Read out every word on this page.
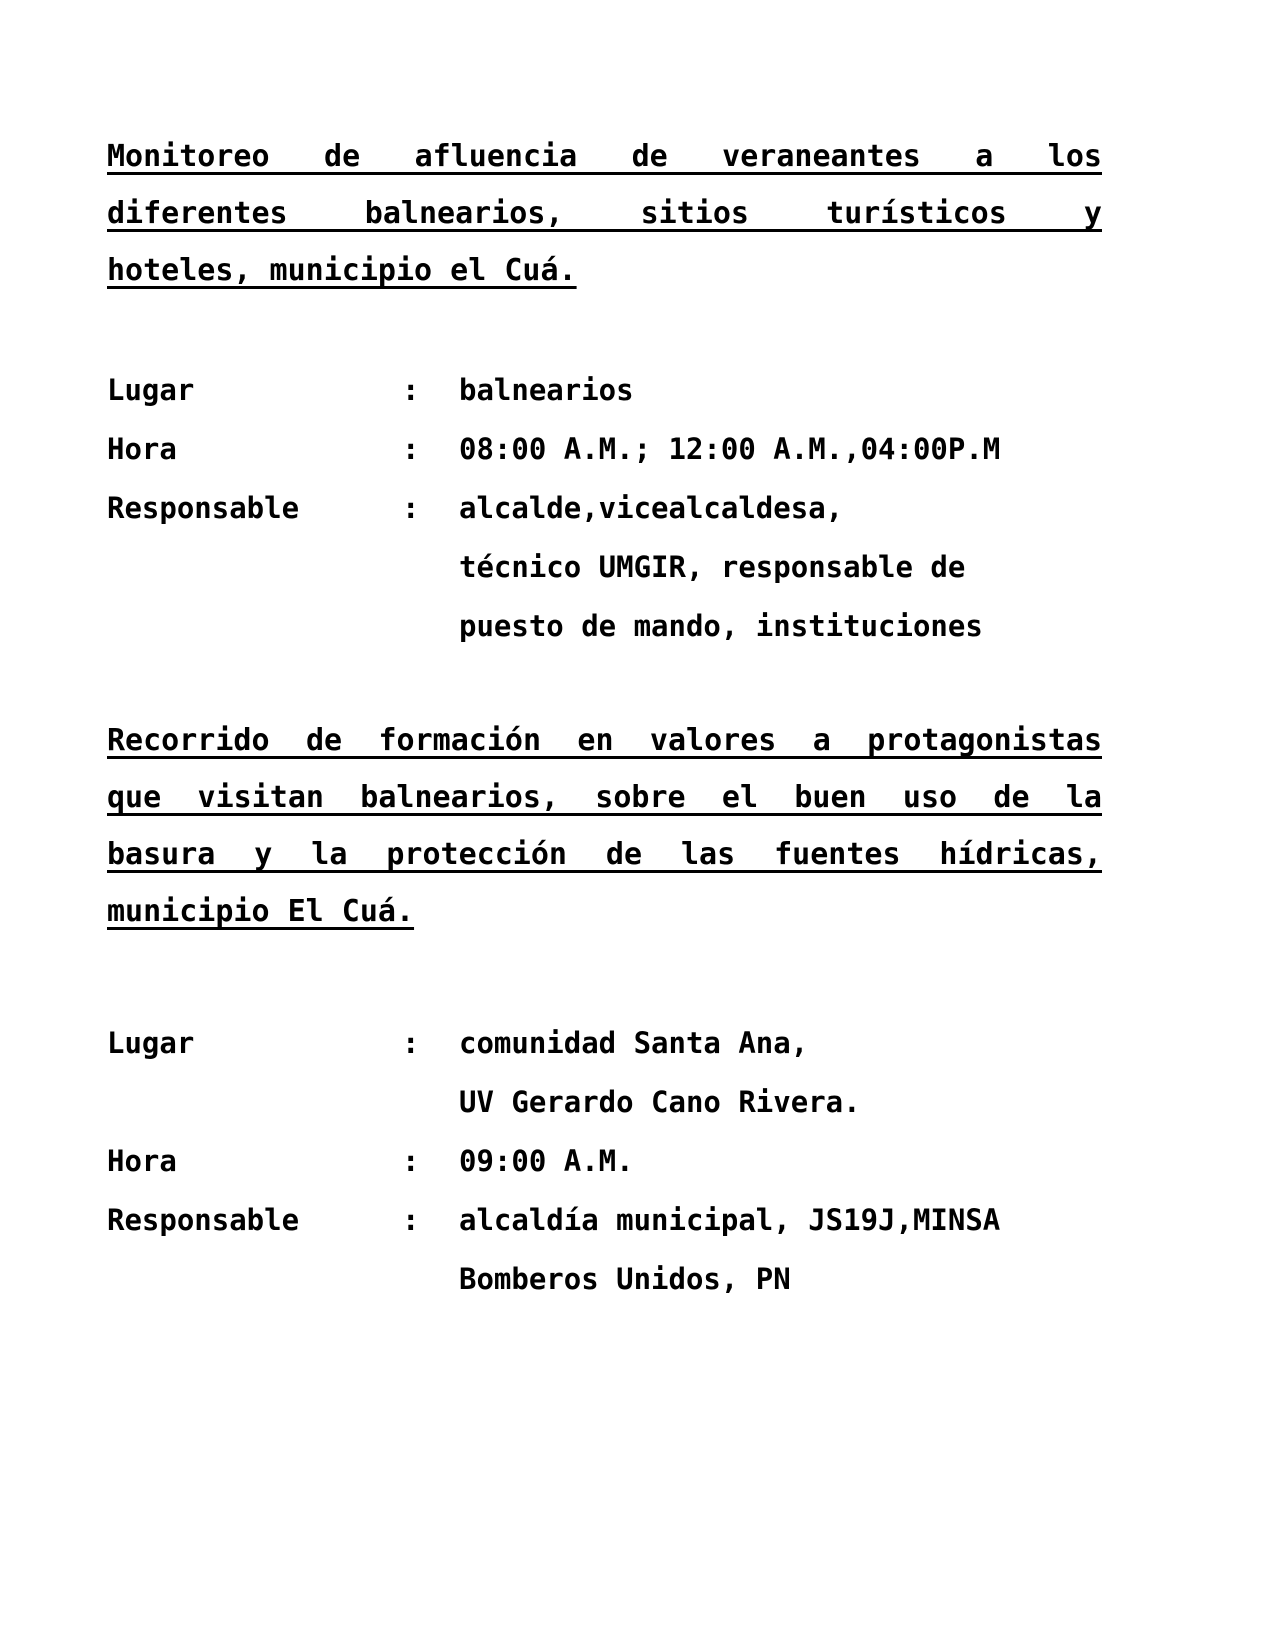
Monitoreo de afluencia de veraneantes a los
diferentes balnearios, sitios turísticos y
hoteles, municipio el Cuá.
Lugar	:	balnearios
Hora	:	08:00 A.M.; 12:00 A.M.,04:00P.M
Responsable	:	alcalde,vicealcaldesa,
técnico UMGIR, responsable de
puesto de mando, instituciones
Recorrido de formación en valores a protagonistas
que visitan balnearios, sobre el buen uso de la
basura y la protección de las fuentes hídricas,
municipio El Cuá.
Lugar	:	comunidad Santa Ana,
UV Gerardo Cano Rivera.
Hora	:	09:00 A.M.
Responsable	:	alcaldía municipal, JS19J,MINSA
Bomberos Unidos, PN
